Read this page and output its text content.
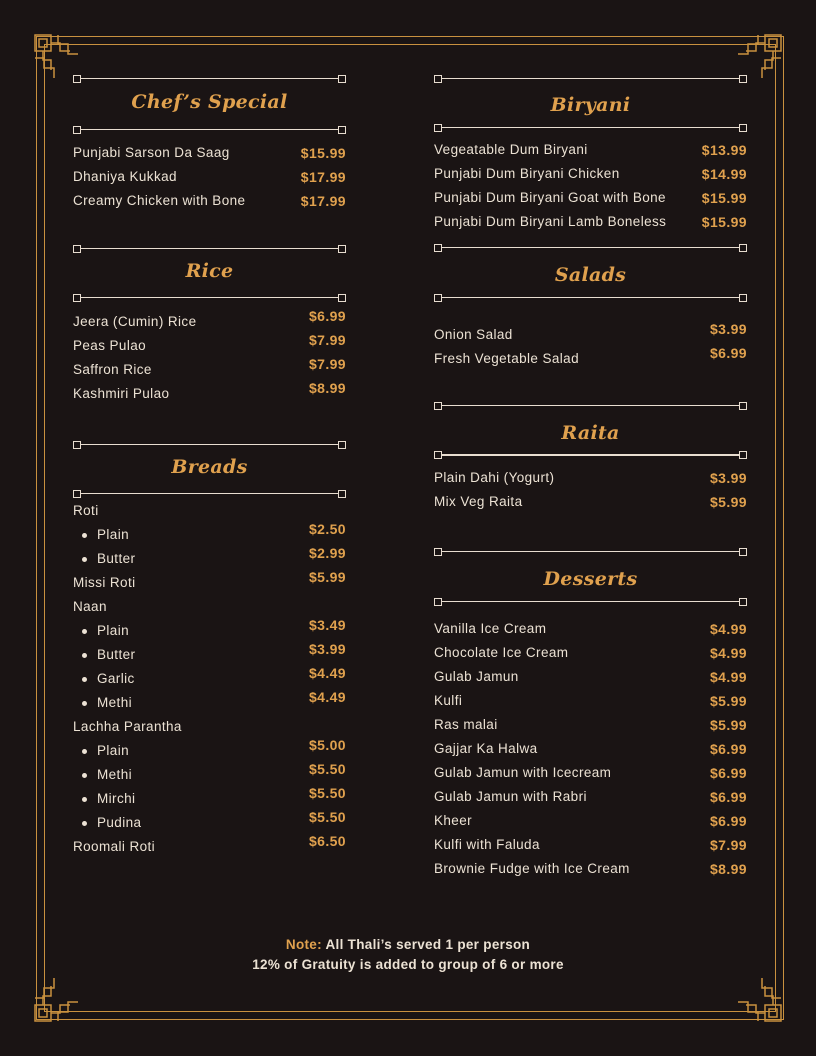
Chef’s Special
Punjabi Sarson Da Saag	$15.99
Dhaniya Kukkad	$17.99
Creamy Chicken with Bone	$17.99
Rice
Jeera (Cumin) Rice	$6.99
Peas Pulao	$7.99
Saffron Rice	$7.99
Kashmiri Pulao	$8.99
Breads
Roti
Plain	$2.50
Butter	$2.99
Missi Roti	$5.99
Naan
Plain	$3.49
Butter	$3.99
Garlic	$4.49
Methi	$4.49
Lachha Parantha
Plain	$5.00
Methi	$5.50
Mirchi	$5.50
Pudina	$5.50
Roomali Roti	$6.50
Biryani
Vegeatable Dum Biryani	$13.99
Punjabi Dum Biryani Chicken	$14.99
Punjabi Dum Biryani Goat with Bone	$15.99
Punjabi Dum Biryani Lamb Boneless	$15.99
Salads
Onion Salad	$3.99
Fresh Vegetable Salad	$6.99
Raita
Plain Dahi (Yogurt)	$3.99
Mix Veg Raita	$5.99
Desserts
Vanilla Ice Cream	$4.99
Chocolate Ice Cream	$4.99
Gulab Jamun	$4.99
Kulfi	$5.99
Ras malai	$5.99
Gajjar Ka Halwa	$6.99
Gulab Jamun with Icecream	$6.99
Gulab Jamun with Rabri	$6.99
Kheer	$6.99
Kulfi with Faluda	$7.99
Brownie Fudge with Ice Cream	$8.99
Note: All Thali’s served 1 per person
12% of Gratuity is added to group of 6 or more
